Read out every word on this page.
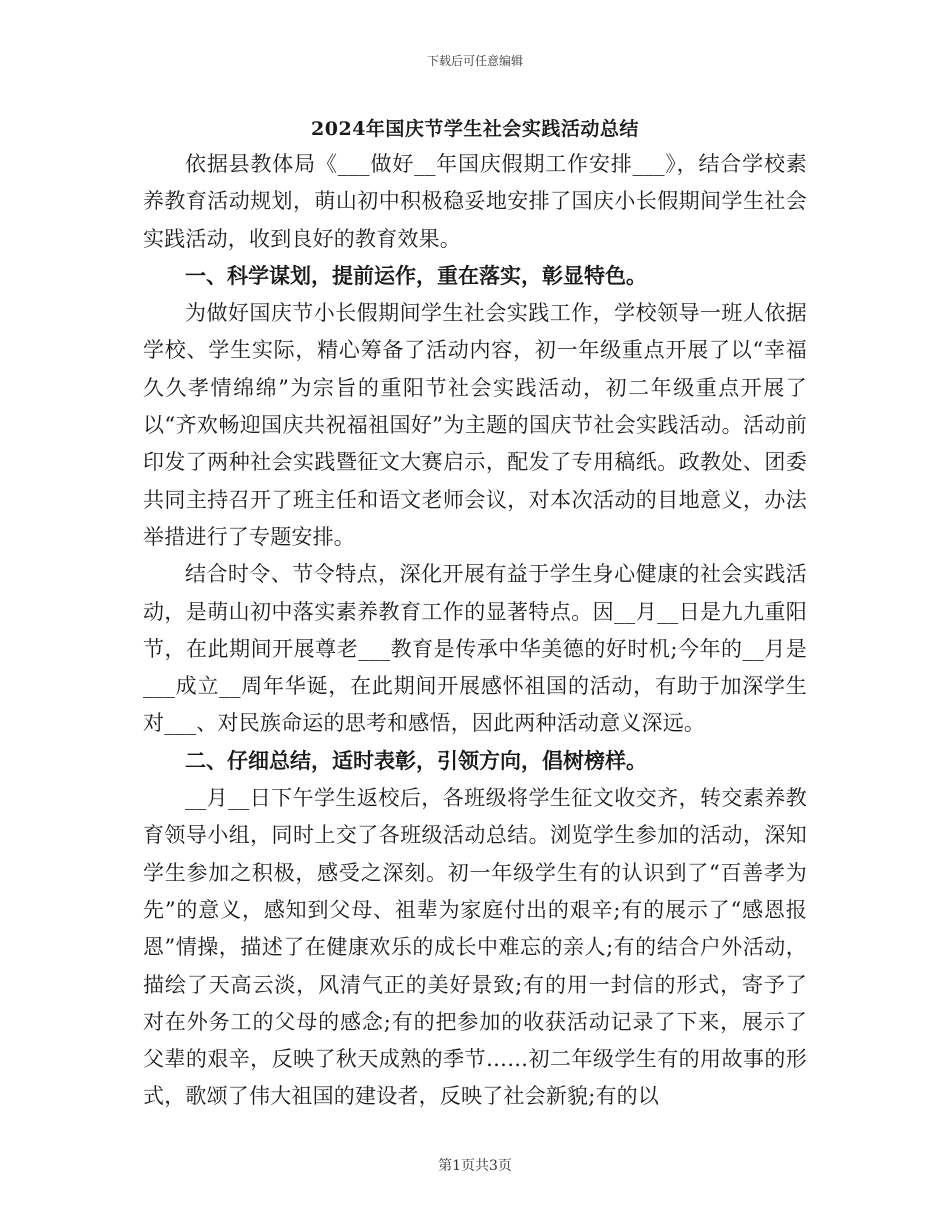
下载后可任意编辑
2024年国庆节学生社会实践活动总结

依据县教体局《___做好__年国庆假期工作安排___》，结合学校素养教育活动规划，萌山初中积极稳妥地安排了国庆小长假期间学生社会实践活动，收到良好的教育效果。

一、科学谋划，提前运作，重在落实，彰显特色。

为做好国庆节小长假期间学生社会实践工作，学校领导一班人依据学校、学生实际，精心筹备了活动内容，初一年级重点开展了以“幸福久久孝情绵绵”为宗旨的重阳节社会实践活动，初二年级重点开展了以“齐欢畅迎国庆共祝福祖国好”为主题的国庆节社会实践活动。活动前印发了两种社会实践暨征文大赛启示，配发了专用稿纸。政教处、团委共同主持召开了班主任和语文老师会议，对本次活动的目地意义，办法举措进行了专题安排。

结合时令、节令特点，深化开展有益于学生身心健康的社会实践活动，是萌山初中落实素养教育工作的显著特点。因__月__日是九九重阳节，在此期间开展尊老___教育是传承中华美德的好时机;今年的__月是___成立__周年华诞，在此期间开展感怀祖国的活动，有助于加深学生对___、对民族命运的思考和感悟，因此两种活动意义深远。

二、仔细总结，适时表彰，引领方向，倡树榜样。

__月__日下午学生返校后，各班级将学生征文收交齐，转交素养教育领导小组，同时上交了各班级活动总结。浏览学生参加的活动，深知学生参加之积极，感受之深刻。初一年级学生有的认识到了“百善孝为先”的意义，感知到父母、祖辈为家庭付出的艰辛;有的展示了“感恩报恩”情操，描述了在健康欢乐的成长中难忘的亲人;有的结合户外活动，描绘了天高云淡，风清气正的美好景致;有的用一封信的形式，寄予了对在外务工的父母的感念;有的把参加的收获活动记录了下来，展示了父辈的艰辛，反映了秋天成熟的季节……初二年级学生有的用故事的形式，歌颂了伟大祖国的建设者，反映了社会新貌;有的以

第1页共3页
